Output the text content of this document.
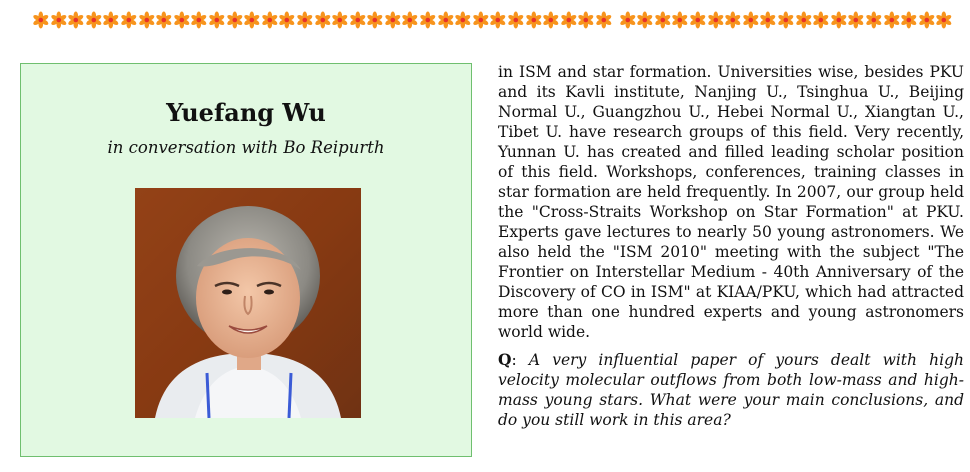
Yuefang Wu
in conversation with Bo Reipurth

in ISM and star formation. Universities wise, besides PKU and its Kavli institute, Nanjing U., Tsinghua U., Beijing Normal U., Guangzhou U., Hebei Normal U., Xiangtan U., Tibet U. have research groups of this field. Very recently, Yunnan U. has created and filled leading scholar position of this field. Workshops, conferences, training classes in star formation are held frequently. In 2007, our group held the "Cross-Straits Workshop on Star Formation" at PKU. Experts gave lectures to nearly 50 young astronomers. We also held the "ISM 2010" meeting with the subject "The Frontier on Interstellar Medium - 40th Anniversary of the Discovery of CO in ISM" at KIAA/PKU, which had attracted more than one hundred experts and young astronomers world wide.

Q: A very influential paper of yours dealt with high velocity molecular outflows from both low-mass and high-mass young stars. What were your main conclusions, and do you still work in this area?
